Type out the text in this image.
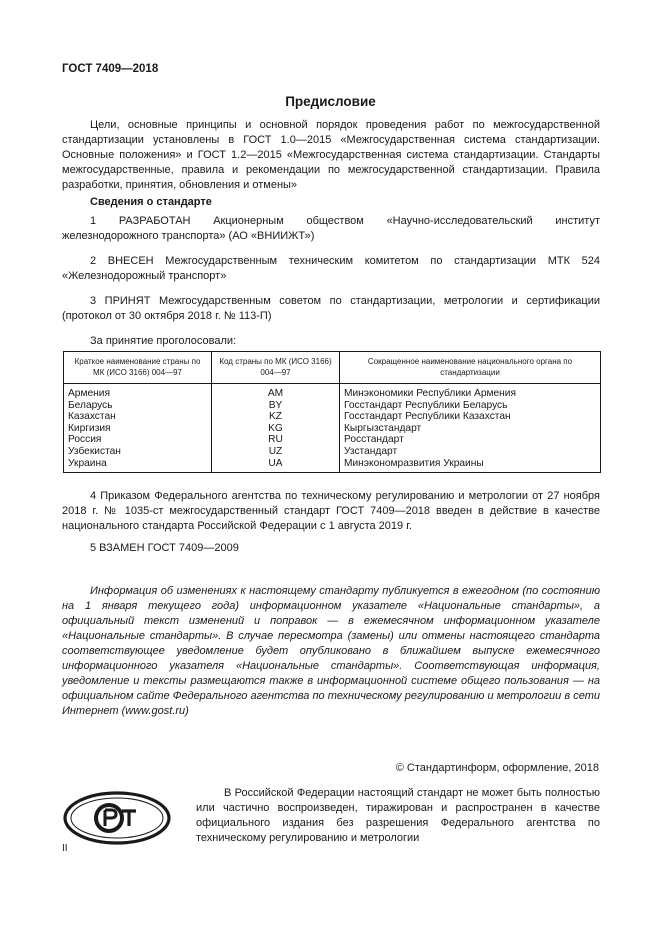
ГОСТ 7409—2018
Предисловие

Цели, основные принципы и основной порядок проведения работ по межгосударственной стандартизации установлены в ГОСТ 1.0—2015 «Межгосударственная система стандартизации. Основные положения» и ГОСТ 1.2—2015 «Межгосударственная система стандартизации. Стандарты межгосударственные, правила и рекомендации по межгосударственной стандартизации. Правила разработки, принятия, обновления и отмены»

Сведения о стандарте

1 РАЗРАБОТАН Акционерным обществом «Научно-исследовательский институт железнодорожного транспорта» (АО «ВНИИЖТ»)

2 ВНЕСЕН Межгосударственным техническим комитетом по стандартизации МТК 524 «Железнодорожный транспорт»

3 ПРИНЯТ Межгосударственным советом по стандартизации, метрологии и сертификации (протокол от 30 октября 2018 г. № 113-П)

За принятие проголосовали:
Краткое наименование страны по МК (ИСО 3166) 004—97	Код страны по МК (ИСО 3166) 004—97	Сокращенное наименование национального органа по стандартизации
Армения	AM	Минэкономики Республики Армения
Беларусь	BY	Госстандарт Республики Беларусь
Казахстан	KZ	Госстандарт Республики Казахстан
Киргизия	KG	Кыргызстандарт
Россия	RU	Росстандарт
Узбекистан	UZ	Узстандарт
Украина	UA	Минэкономразвития Украины

4 Приказом Федерального агентства по техническому регулированию и метрологии от 27 ноября 2018 г. № 1035-ст межгосударственный стандарт ГОСТ 7409—2018 введен в действие в качестве национального стандарта Российской Федерации с 1 августа 2019 г.

5 ВЗАМЕН ГОСТ 7409—2009

Информация об изменениях к настоящему стандарту публикуется в ежегодном (по состоянию на 1 января текущего года) информационном указателе «Национальные стандарты», а официальный текст изменений и поправок — в ежемесячном информационном указателе «Национальные стандарты». В случае пересмотра (замены) или отмены настоящего стандарта соответствующее уведомление будет опубликовано в ближайшем выпуске ежемесячного информационного указателя «Национальные стандарты». Соответствующая информация, уведомление и тексты размещаются также в информационной системе общего пользования — на официальном сайте Федерального агентства по техническому регулированию и метрологии в сети Интернет (www.gost.ru)

© Стандартинформ, оформление, 2018

В Российской Федерации настоящий стандарт не может быть полностью или частично воспроизведен, тиражирован и распространен в качестве официального издания без разрешения Федерального агентства по техническому регулированию и метрологии

II
